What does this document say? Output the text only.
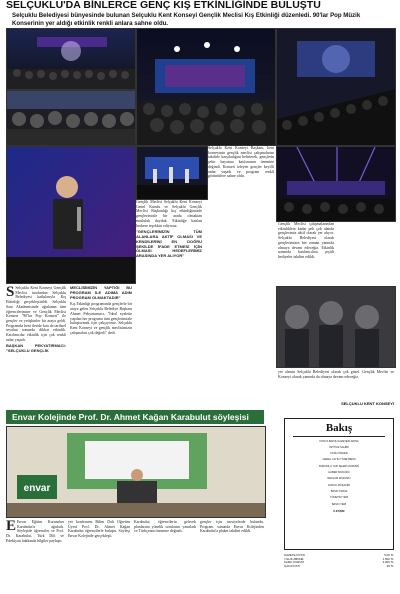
SELÇUKLU'DA BİNLERCE GENÇ KIŞ ETKİNLİĞİNDE BULUŞTU
Selçuklu Belediyesi bünyesinde bulunan Selçuklu Kent Konseyi Gençlik Meclisi Kış Etkinliği düzenledi. 90'lar Pop Müzik Konserinin yer aldığı etkinlik renkli anlara sahne oldu.
S Selçuklu Kent Konseyi Gençlik Meclisi tarafından Selçuklu Belediyesi katkılarıyla Kış Etkinliği gerçekleştirildi. Selçuklu Saat Akademisinde ağırlanan tüm öğrencilerimize ve Gençlik Meclisi Konseri "90'lar Pop Konseri" ile gençler ve yetişkinler bir araya geldi. Programda kent ileride katı da tarihsel seyahat sonunda dikkat etkinlik. Katılımcılar etkinlik için çok renkli anlar yaşadı.
BAŞKAN PEKYATIRMACI: "SELÇUKLU GENÇLİK
MECLİSİMİZİN YAPTIĞI BU PROGRAM İLE ADIMA ADIM PROGRAM OLMAKTADIR"
Kış Etkinliği programında gençlerle bir araya gelen Selçuklu Belediye Başkanı Ahmet Pekyatırmacı, "İdeal eyalette yapılan her programı tüm gençlerimizle buluşturmak için çalışıyoruz. Selçuklu Kent Konseyi ve gençlik meclisimizin çalışmaları çok değerli" dedi.
Gençlik Meclisi Selçuklu Kent Konseyi Genel Kurulu ve Selçuklu Gençlik Meclisi Başkanlığı kış etkinliğimizde gençlerimizle bir arada olmaktan mutluluk duyduk. Etkinliğe katılan herkese teşekkür ediyoruz.
"GENÇLERİMİZİN TÜM ALANLARA AKTİF OLMASI VE KENDİLERİNİ EN DOĞRU ŞEKİLDE İFADE ETMESİ İÇİN OLMASI HEDEFLERİMİZ ARASINDA YER ALIYOR"
Selçuklu Kent Konseyi Başkanı, kent konseyinin gençlik meclisi çalışmalarını takdirle karşıladığını belirterek, gençlerin şehir hayatına katılımının önemine değindi. Konseri izleyen gençler keyifli anlar yaşadı ve program renkli görüntülere sahne oldu.
Gençlik Meclisi çalışmalarından etkinliklere kadar pek çok alanda gençlerimiz aktif olarak yer alıyor. Selçuklu Belediyesi olarak gençlerimizin her zaman yanında olmaya devam edeceğiz. Etkinlik sonunda katılımcılara çeşitli hediyeler takdim edildi.
yer alması Selçuklu Belediyesi olarak çok güzel. Gençlik Meclisi ve Konseyi olarak yanında da olmaya devam edeceğiz.
SELÇUKLU KENT KONSEYİ
Envar Kolejinde Prof. Dr. Ahmet Kağan Karabulut söyleşisi
envar
E Envar Eğitim Kurumları Karabulut'u ağırladı. Söyleşide öğrenciler ve Prof. Dr. Karabulut, Türk Dili ve Edebiyatı hakkında bilgiler paylaştı.
yer konferansı Bilim Dalı Öğretim Üyesi Prof. Dr. Ahmet Kağan Karabulut öğrencilerle buluştu. Söyleşi Envar Kolejinde gerçekleşti.
Karabulut, öğrencilerin gelecek planlarına yönelik sorularını yanıtladı ve Türkçenin önemine değindi.
gençler için tavsiyelerde bulundu. Program sonunda Envar Kolejinden Karabulut'a plaket takdim edildi.
Bakış
KONYA BAKIŞ GAZETESİ ADINA
İMTİYAZ SAHİBİ
FATİH ÖNDER
GENEL YAYIN YÖNETMENİ
SORUMLU YAZI İŞLERİ MÜDÜRÜ
HABER MÜDÜRÜ
REKLAM MÜDÜRÜ
HUKUK MÜŞAVİRİ
BASKI TARİHİ
YÖNETİM YERİ
BASKI YERİ
İLETİŞİM
GAZETE FİYATI	5,00 TL
YILLIK ABONE	1.500 TL
KAMU KURUM	2.000 TL
İLAN FİYATI	35 TL
